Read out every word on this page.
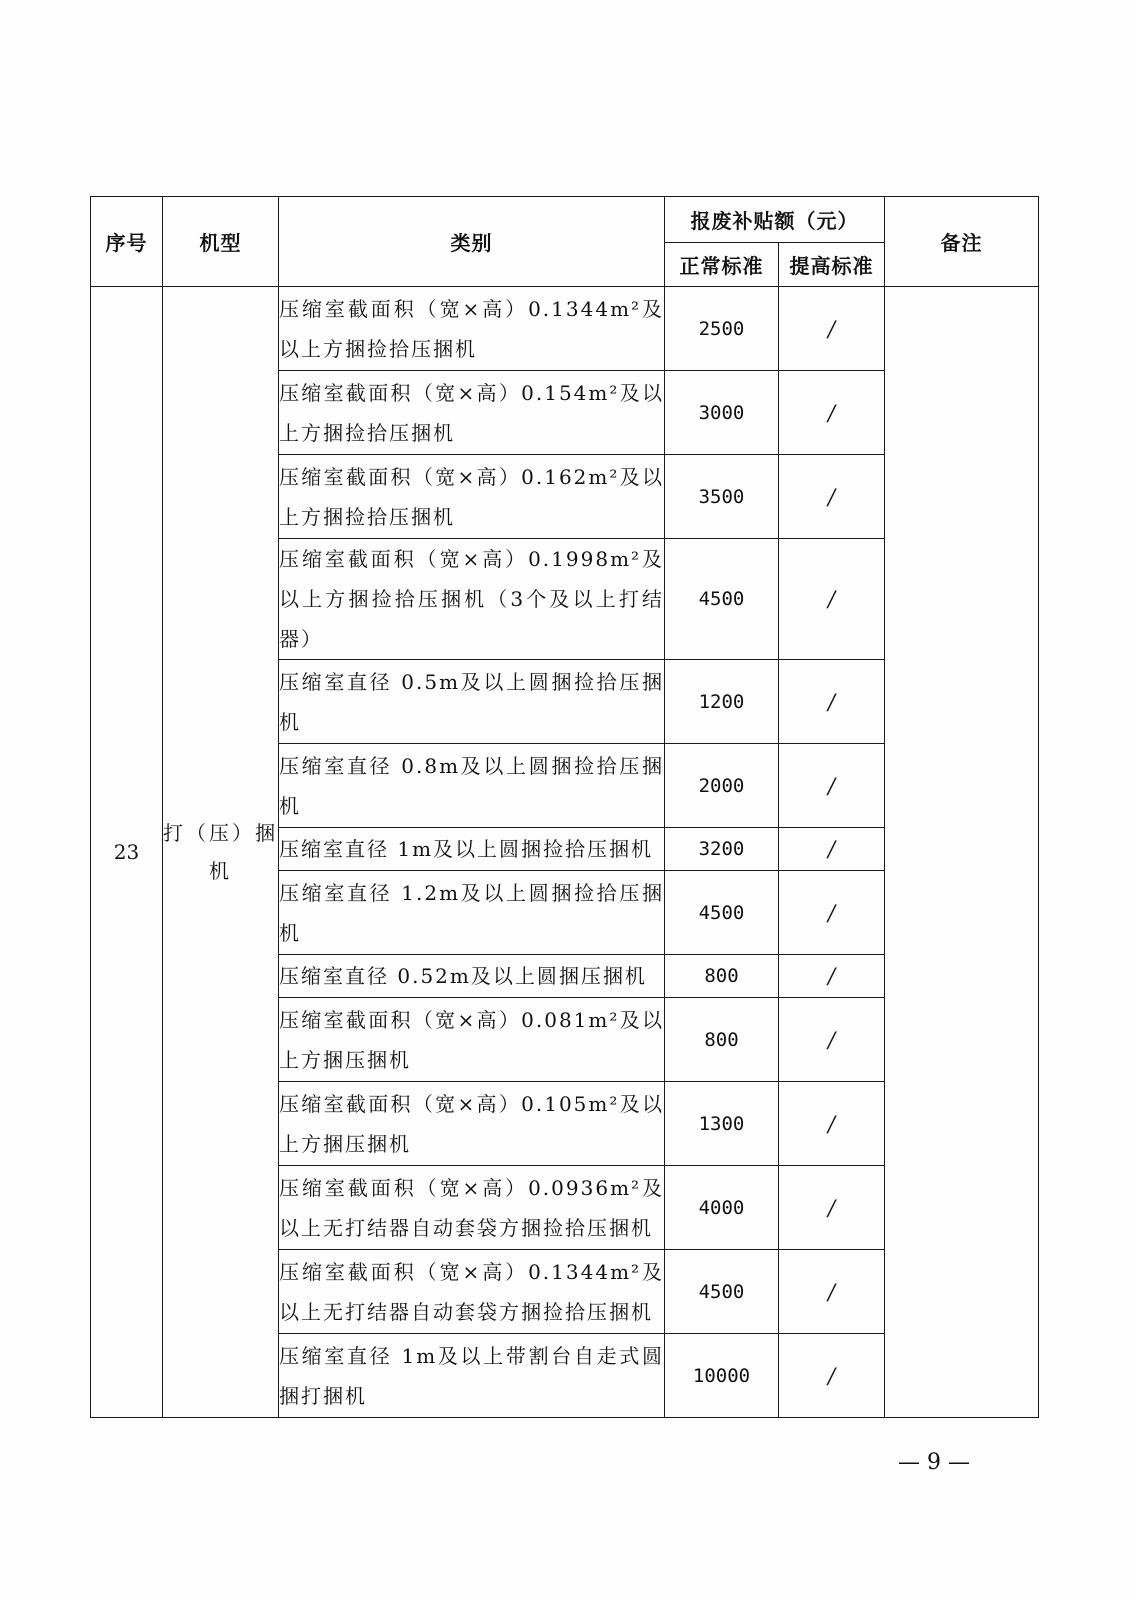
序号	机型	类别	报废补贴额（元）		备注
			正常标准	提高标准	
23	打（压）捆机	压缩室截面积（宽×高）0.1344m²及以上方捆捡拾压捆机	2500	/	
		压缩室截面积（宽×高）0.154m²及以上方捆捡拾压捆机	3000	/	
		压缩室截面积（宽×高）0.162m²及以上方捆捡拾压捆机	3500	/	
		压缩室截面积（宽×高）0.1998m²及以上方捆捡拾压捆机（3个及以上打结器）	4500	/	
		压缩室直径 0.5m及以上圆捆捡拾压捆机	1200	/	
		压缩室直径 0.8m及以上圆捆捡拾压捆机	2000	/	
		压缩室直径 1m及以上圆捆捡拾压捆机	3200	/	
		压缩室直径 1.2m及以上圆捆捡拾压捆机	4500	/	
		压缩室直径 0.52m及以上圆捆压捆机	800	/	
		压缩室截面积（宽×高）0.081m²及以上方捆压捆机	800	/	
		压缩室截面积（宽×高）0.105m²及以上方捆压捆机	1300	/	
		压缩室截面积（宽×高）0.0936m²及以上无打结器自动套袋方捆捡拾压捆机	4000	/	
		压缩室截面积（宽×高）0.1344m²及以上无打结器自动套袋方捆捡拾压捆机	4500	/	
		压缩室直径 1m及以上带割台自走式圆捆打捆机	10000	/	
— 9 —
